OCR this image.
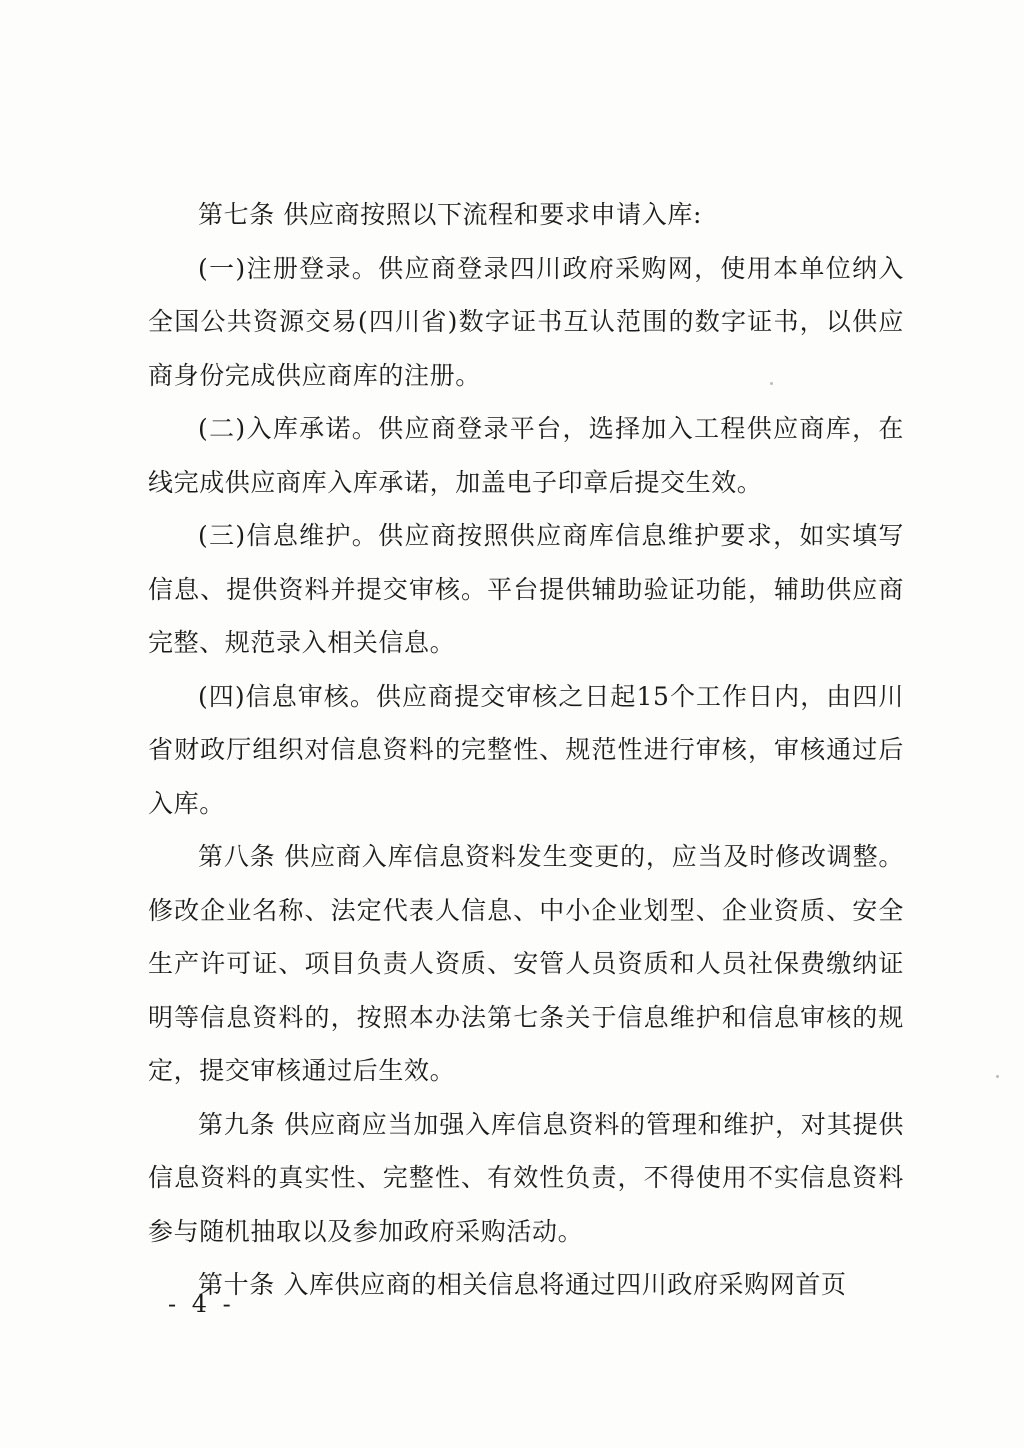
第七条 供应商按照以下流程和要求申请入库:

(一)注册登录。供应商登录四川政府采购网，使用本单位纳入全国公共资源交易(四川省)数字证书互认范围的数字证书，以供应商身份完成供应商库的注册。

(二)入库承诺。供应商登录平台，选择加入工程供应商库，在线完成供应商库入库承诺，加盖电子印章后提交生效。

(三)信息维护。供应商按照供应商库信息维护要求，如实填写信息、提供资料并提交审核。平台提供辅助验证功能，辅助供应商完整、规范录入相关信息。

(四)信息审核。供应商提交审核之日起15个工作日内，由四川省财政厅组织对信息资料的完整性、规范性进行审核，审核通过后入库。

第八条 供应商入库信息资料发生变更的，应当及时修改调整。修改企业名称、法定代表人信息、中小企业划型、企业资质、安全生产许可证、项目负责人资质、安管人员资质和人员社保费缴纳证明等信息资料的，按照本办法第七条关于信息维护和信息审核的规定，提交审核通过后生效。

第九条 供应商应当加强入库信息资料的管理和维护，对其提供信息资料的真实性、完整性、有效性负责，不得使用不实信息资料参与随机抽取以及参加政府采购活动。

第十条 入库供应商的相关信息将通过四川政府采购网首页

- 4 -
